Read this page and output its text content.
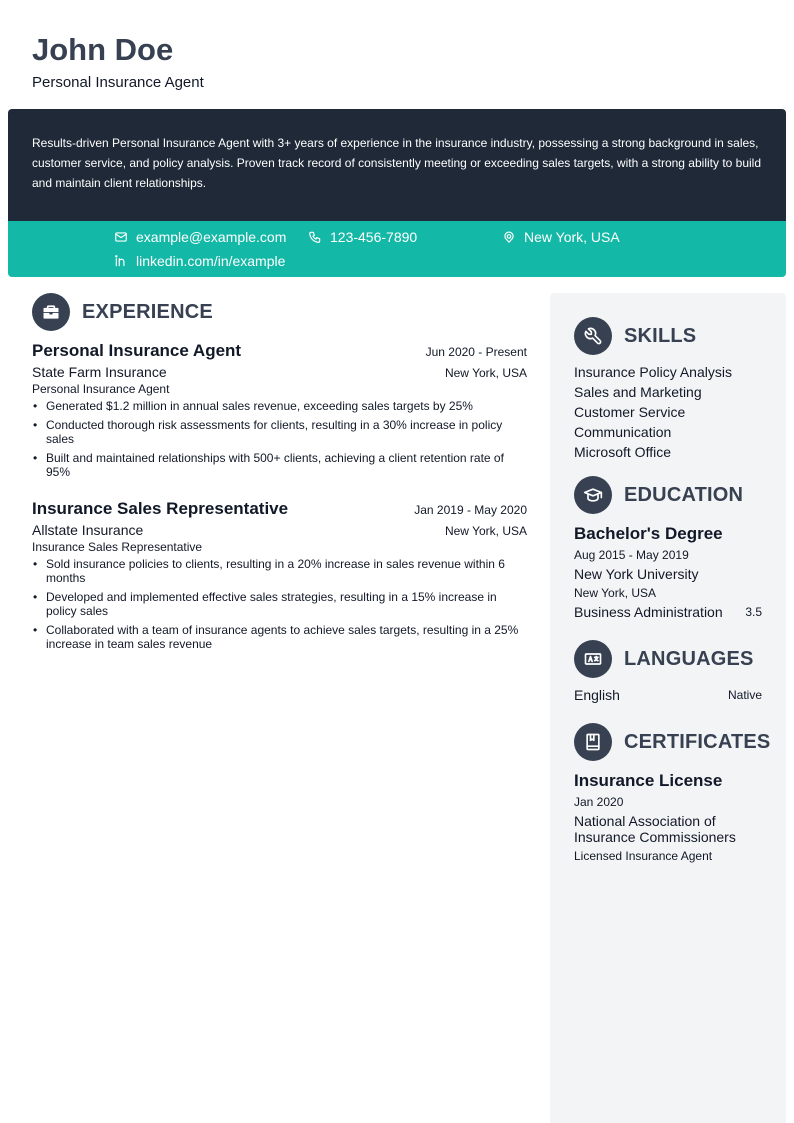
John Doe
Personal Insurance Agent

Results-driven Personal Insurance Agent with 3+ years of experience in the insurance industry, possessing a strong background in sales, customer service, and policy analysis. Proven track record of consistently meeting or exceeding sales targets, with a strong ability to build and maintain client relationships.

example@example.com	123-456-7890	New York, USA
linkedin.com/in/example
EXPERIENCE
Personal Insurance Agent	Jun 2020 - Present
State Farm Insurance	New York, USA
Personal Insurance Agent
• Generated $1.2 million in annual sales revenue, exceeding sales targets by 25%
• Conducted thorough risk assessments for clients, resulting in a 30% increase in policy sales
• Built and maintained relationships with 500+ clients, achieving a client retention rate of 95%
Insurance Sales Representative	Jan 2019 - May 2020
Allstate Insurance	New York, USA
Insurance Sales Representative
• Sold insurance policies to clients, resulting in a 20% increase in sales revenue within 6 months
• Developed and implemented effective sales strategies, resulting in a 15% increase in policy sales
• Collaborated with a team of insurance agents to achieve sales targets, resulting in a 25% increase in team sales revenue
SKILLS
Insurance Policy Analysis
Sales and Marketing
Customer Service
Communication
Microsoft Office
EDUCATION
Bachelor's Degree
Aug 2015 - May 2019
New York University
New York, USA
Business Administration 3.5
LANGUAGES
English	Native
CERTIFICATES
Insurance License
Jan 2020
National Association of Insurance Commissioners
Licensed Insurance Agent
